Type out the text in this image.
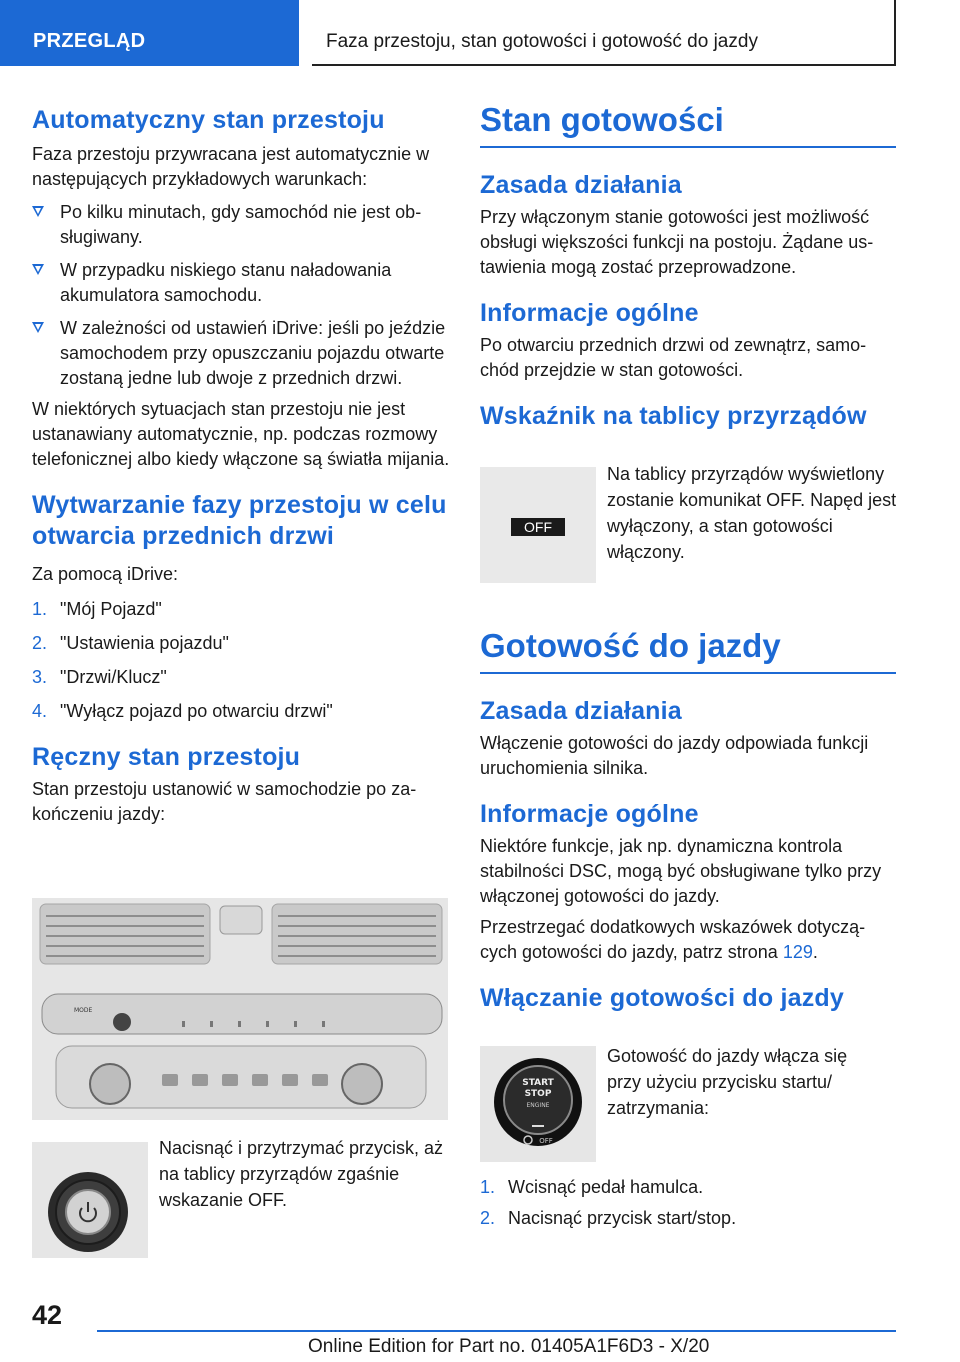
PRZEGLĄD	Faza przestoju, stan gotowości i gotowość do jazdy
Automatyczny stan przestoju
Faza przestoju przywracana jest automatycznie w następujących przykładowych warunkach:
Po kilku minutach, gdy samochód nie jest obsługiwany.
W przypadku niskiego stanu naładowania akumulatora samochodu.
W zależności od ustawień iDrive: jeśli po jeździe samochodem przy opuszczaniu pojazdu otwarte zostaną jedne lub dwoje z przednich drzwi.
W niektórych sytuacjach stan przestoju nie jest ustanawiany automatycznie, np. podczas rozmowy telefonicznej albo kiedy włączone są światła mijania.
Wytwarzanie fazy przestoju w celu otwarcia przednich drzwi
Za pomocą iDrive:
1. "Mój Pojazd"
2. "Ustawienia pojazdu"
3. "Drzwi/Klucz"
4. "Wyłącz pojazd po otwarciu drzwi"
Ręczny stan przestoju
Stan przestoju ustanowić w samochodzie po zakończeniu jazdy:
MODE
Nacisnąć i przytrzymać przycisk, aż na tablicy przyrządów zgaśnie wskazanie OFF.
Stan gotowości
Zasada działania
Przy włączonym stanie gotowości jest możliwość obsługi większości funkcji na postoju. Żądane ustawienia mogą zostać przeprowadzone.
Informacje ogólne
Po otwarciu przednich drzwi od zewnątrz, samochód przejdzie w stan gotowości.
Wskaźnik na tablicy przyrządów
OFF
Na tablicy przyrządów wyświetlony zostanie komunikat OFF. Napęd jest wyłączony, a stan gotowości włączony.
Gotowość do jazdy
Zasada działania
Włączenie gotowości do jazdy odpowiada funkcji uruchomienia silnika.
Informacje ogólne
Niektóre funkcje, jak np. dynamiczna kontrola stabilności DSC, mogą być obsługiwane tylko przy włączonej gotowości do jazdy.
Przestrzegać dodatkowych wskazówek dotyczących gotowości do jazdy, patrz strona 129.
Włączanie gotowości do jazdy
START
STOP
ENGINE
OFF
Gotowość do jazdy włącza się przy użyciu przycisku startu/ zatrzymania:
1. Wcisnąć pedał hamulca.
2. Nacisnąć przycisk start/stop.
42
Online Edition for Part no. 01405A1F6D3 - X/20
